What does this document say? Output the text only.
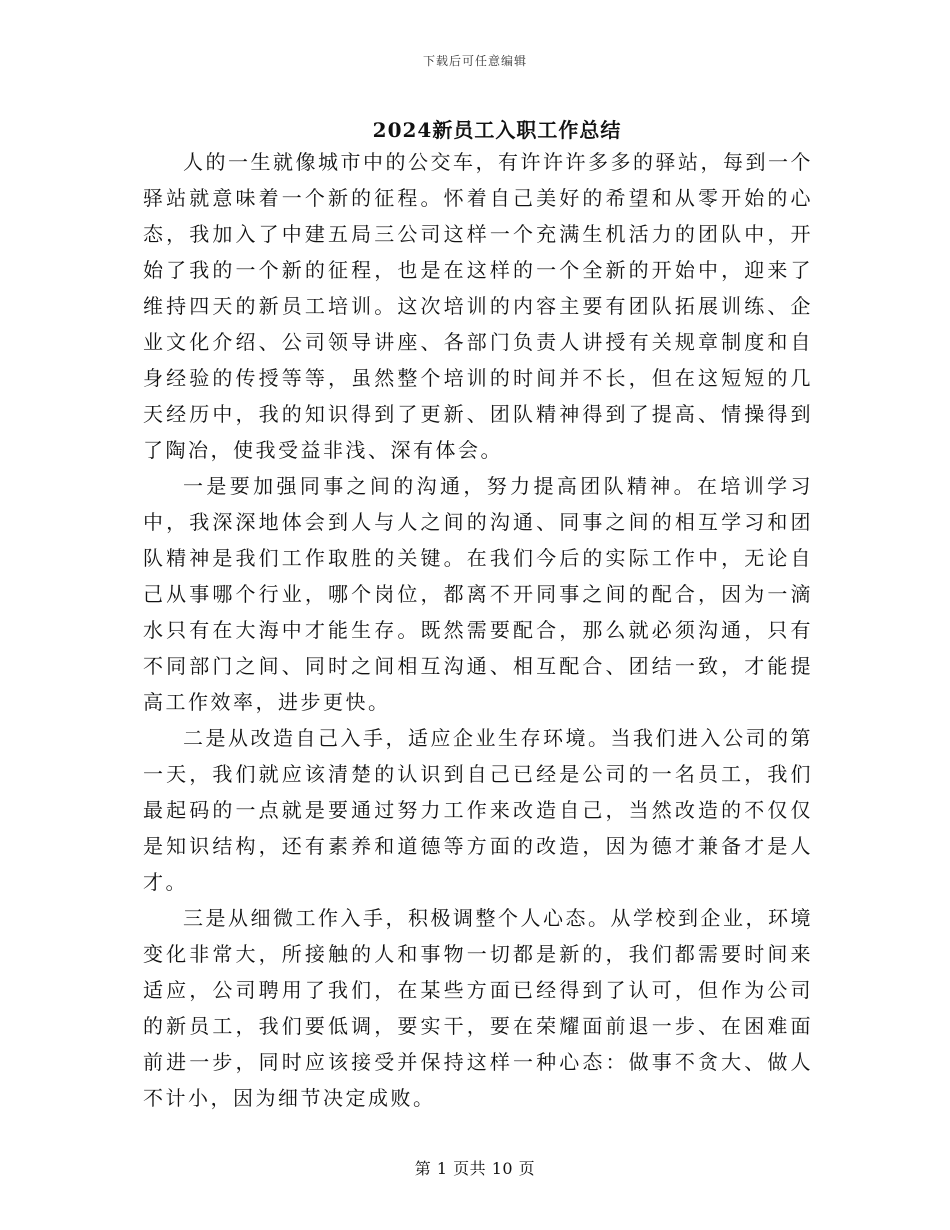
下载后可任意编辑
2024新员工入职工作总结

人的一生就像城市中的公交车，有许许许多多的驿站，每到一个驿站就意味着一个新的征程。怀着自己美好的希望和从零开始的心态，我加入了中建五局三公司这样一个充满生机活力的团队中，开始了我的一个新的征程，也是在这样的一个全新的开始中，迎来了维持四天的新员工培训。这次培训的内容主要有团队拓展训练、企业文化介绍、公司领导讲座、各部门负责人讲授有关规章制度和自身经验的传授等等，虽然整个培训的时间并不长，但在这短短的几天经历中，我的知识得到了更新、团队精神得到了提高、情操得到了陶冶，使我受益非浅、深有体会。

一是要加强同事之间的沟通，努力提高团队精神。在培训学习中，我深深地体会到人与人之间的沟通、同事之间的相互学习和团队精神是我们工作取胜的关键。在我们今后的实际工作中，无论自己从事哪个行业，哪个岗位，都离不开同事之间的配合，因为一滴水只有在大海中才能生存。既然需要配合，那么就必须沟通，只有不同部门之间、同时之间相互沟通、相互配合、团结一致，才能提高工作效率，进步更快。

二是从改造自己入手，适应企业生存环境。当我们进入公司的第一天，我们就应该清楚的认识到自己已经是公司的一名员工，我们最起码的一点就是要通过努力工作来改造自己，当然改造的不仅仅是知识结构，还有素养和道德等方面的改造，因为德才兼备才是人才。

三是从细微工作入手，积极调整个人心态。从学校到企业，环境变化非常大，所接触的人和事物一切都是新的，我们都需要时间来适应，公司聘用了我们，在某些方面已经得到了认可，但作为公司的新员工，我们要低调，要实干，要在荣耀面前退一步、在困难面前进一步，同时应该接受并保持这样一种心态：做事不贪大、做人不计小，因为细节决定成败。

第 1 页共 10 页
